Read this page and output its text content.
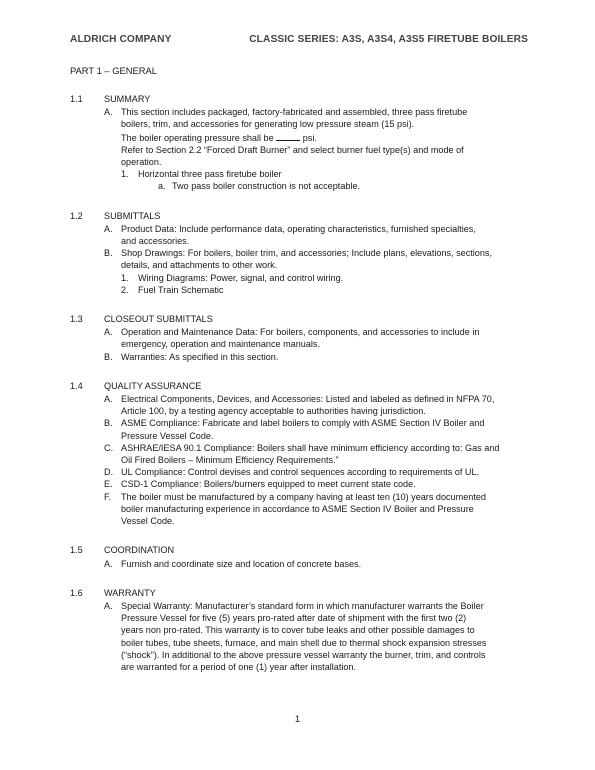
ALDRICH COMPANY	CLASSIC SERIES: A3S, A3S4, A3S5 FIRETUBE BOILERS
PART 1 – GENERAL
1.1	SUMMARY
A. This section includes packaged, factory-fabricated and assembled, three pass firetube
boilers, trim, and accessories for generating low pressure steam (15 psi).
The boiler operating pressure shall be	psi.
Refer to Section 2.2 “Forced Draft Burner” and select burner fuel type(s) and mode of
operation.
1.	Horizontal three pass firetube boiler
a. Two pass boiler construction is not acceptable.
1.2	SUBMITTALS
A. Product Data: Include performance data, operating characteristics, furnished specialties,
and accessories.
B. Shop Drawings: For boilers, boiler trim, and accessories; Include plans, elevations, sections,
details, and attachments to other work.
1.	Wiring Diagrams: Power, signal, and control wiring.
2.	Fuel Train Schematic
1.3	CLOSEOUT SUBMITTALS
A. Operation and Maintenance Data: For boilers, components, and accessories to include in
emergency, operation and maintenance manuals.
B. Warranties: As specified in this section.
1.4	QUALITY ASSURANCE
A. Electrical Components, Devices, and Accessories: Listed and labeled as defined in NFPA 70,
Article 100, by a testing agency acceptable to authorities having jurisdiction.
B. ASME Compliance: Fabricate and label boilers to comply with ASME Section IV Boiler and
Pressure Vessel Code.
C. ASHRAE/IESA 90.1 Compliance: Boilers shall have minimum efficiency according to: Gas and
Oil Fired Boilers – Minimum Efficiency Requirements.”
D. UL Compliance: Control devises and control sequences according to requirements of UL.
E. CSD-1 Compliance: Boilers/burners equipped to meet current state code.
F.	The boiler must be manufactured by a company having at least ten (10) years documented
boiler manufacturing experience in accordance to ASME Section IV Boiler and Pressure
Vessel Code.
1.5	COORDINATION
A. Furnish and coordinate size and location of concrete bases.
1.6	WARRANTY
A. Special Warranty: Manufacturer’s standard form in which manufacturer warrants the Boiler
Pressure Vessel for five (5) years pro-rated after date of shipment with the first two (2)
years non pro-rated. This warranty is to cover tube leaks and other possible damages to
boiler tubes, tube sheets, furnace, and main shell due to thermal shock expansion stresses
(“shock”). In additional to the above pressure vessel warranty the burner, trim, and controls
are warranted for a period of one (1) year after installation.
1
